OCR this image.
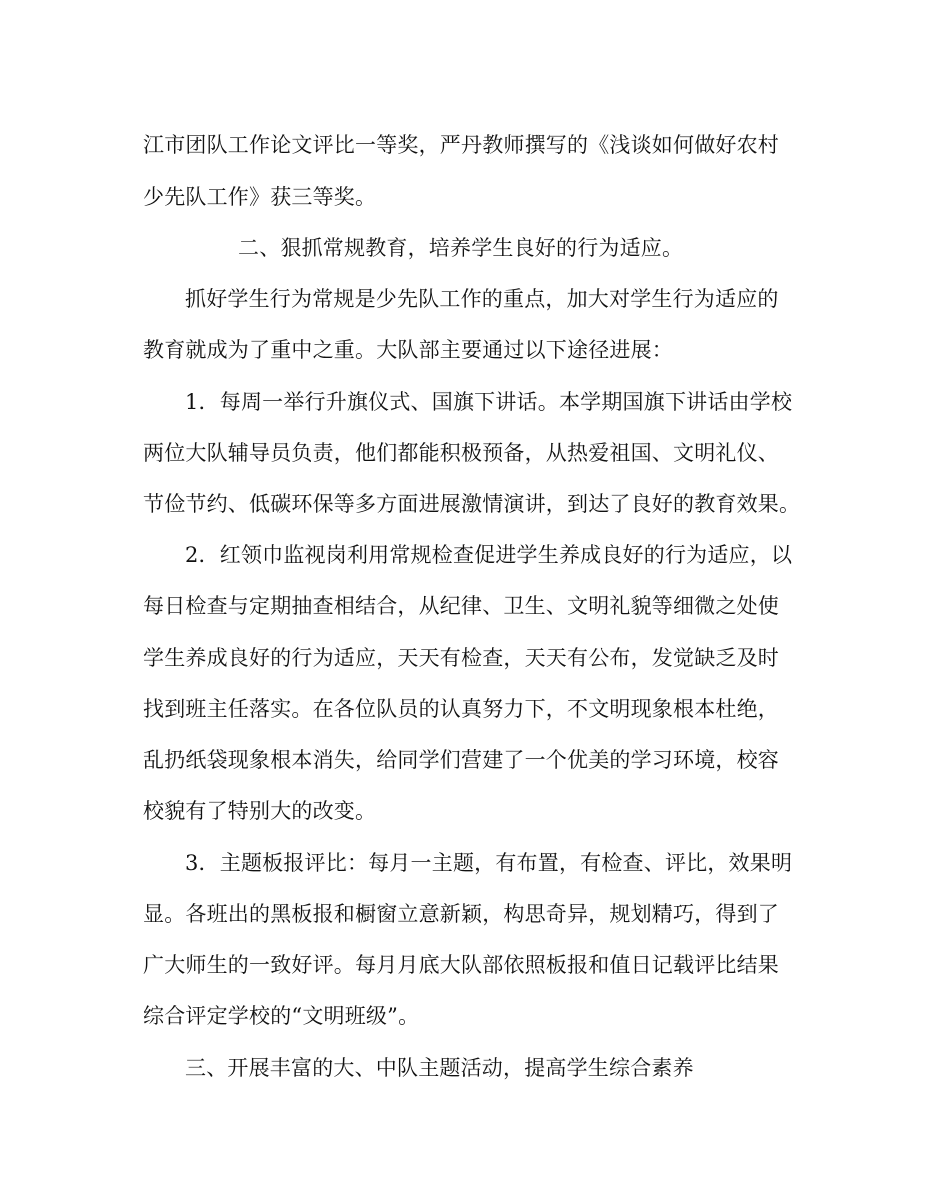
江市团队工作论文评比一等奖，严丹教师撰写的《浅谈如何做好农村
少先队工作》获三等奖。
二、狠抓常规教育，培养学生良好的行为适应。
抓好学生行为常规是少先队工作的重点，加大对学生行为适应的
教育就成为了重中之重。大队部主要通过以下途径进展：
1．每周一举行升旗仪式、国旗下讲话。本学期国旗下讲话由学校
两位大队辅导员负责，他们都能积极预备，从热爱祖国、文明礼仪、
节俭节约、低碳环保等多方面进展激情演讲，到达了良好的教育效果。
2．红领巾监视岗利用常规检查促进学生养成良好的行为适应，以
每日检查与定期抽查相结合，从纪律、卫生、文明礼貌等细微之处使
学生养成良好的行为适应，天天有检查，天天有公布，发觉缺乏及时
找到班主任落实。在各位队员的认真努力下，不文明现象根本杜绝，
乱扔纸袋现象根本消失，给同学们营建了一个优美的学习环境，校容
校貌有了特别大的改变。
3．主题板报评比：每月一主题，有布置，有检查、评比，效果明
显。各班出的黑板报和橱窗立意新颖，构思奇异，规划精巧，得到了
广大师生的一致好评。每月月底大队部依照板报和值日记载评比结果
综合评定学校的“文明班级”。
三、开展丰富的大、中队主题活动，提高学生综合素养
